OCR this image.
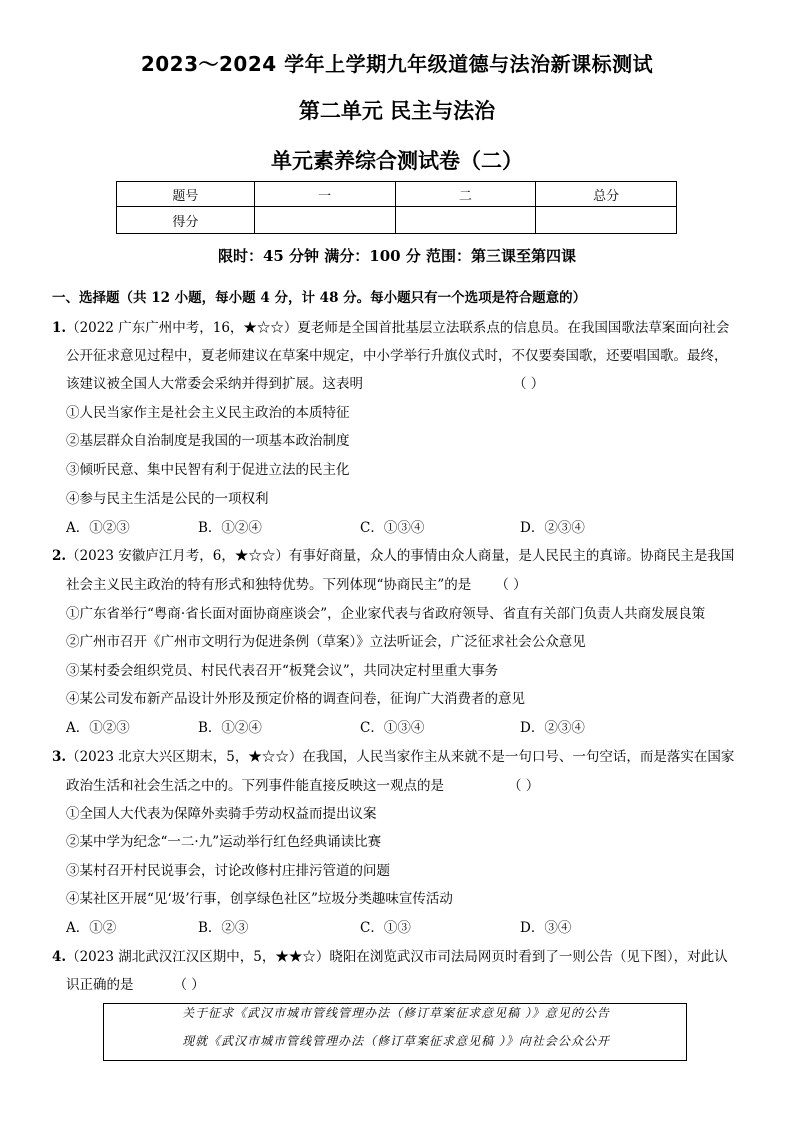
2023～2024 学年上学期九年级道德与法治新课标测试
第二单元 民主与法治
单元素养综合测试卷（二）
题号	一	二	总分
得分			
限时：45 分钟 满分：100 分 范围：第三课至第四课
一、选择题（共 12 小题，每小题 4 分，计 48 分。每小题只有一个选项是符合题意的）
1.（2022 广东广州中考，16，★☆☆）夏老师是全国首批基层立法联系点的信息员。在我国国歌法草案面向社会
公开征求意见过程中，夏老师建议在草案中规定，中小学举行升旗仪式时，不仅要奏国歌，还要唱国歌。最终，
该建议被全国人大常委会采纳并得到扩展。这表明	（ ）
①人民当家作主是社会主义民主政治的本质特征
②基层群众自治制度是我国的一项基本政治制度
③倾听民意、集中民智有利于促进立法的民主化
④参与民主生活是公民的一项权利
A．①②③	B．①②④	C．①③④	D．②③④
2.（2023 安徽庐江月考，6，★☆☆）有事好商量，众人的事情由众人商量，是人民民主的真谛。协商民主是我国
社会主义民主政治的特有形式和独特优势。下列体现“协商民主”的是 （ ）
①广东省举行“粤商·省长面对面协商座谈会”，企业家代表与省政府领导、省直有关部门负责人共商发展良策
②广州市召开《广州市文明行为促进条例（草案）》立法听证会，广泛征求社会公众意见
③某村委会组织党员、村民代表召开“板凳会议”，共同决定村里重大事务
④某公司发布新产品设计外形及预定价格的调查问卷，征询广大消费者的意见
A．①②③	B．①②④	C．①③④	D．②③④
3.（2023 北京大兴区期末，5，★☆☆）在我国，人民当家作主从来就不是一句口号、一句空话，而是落实在国家
政治生活和社会生活之中的。下列事件能直接反映这一观点的是	（ ）
①全国人大代表为保障外卖骑手劳动权益而提出议案
②某中学为纪念“一二·九”运动举行红色经典诵读比赛
③某村召开村民说事会，讨论改修村庄排污管道的问题
④某社区开展“见‘圾’行事，创享绿色社区”垃圾分类趣味宣传活动
A．①②	B．②③	C．①③	D．③④
4.（2023 湖北武汉江汉区期中，5，★★☆）晓阳在浏览武汉市司法局网页时看到了一则公告（见下图），对此认
识正确的是	（ ）
关于征求《武汉市城市管线管理办法（修订草案征求意见稿 ）》意见的公告
现就《武汉市城市管线管理办法（修订草案征求意见稿 ）》向社会公众公开
